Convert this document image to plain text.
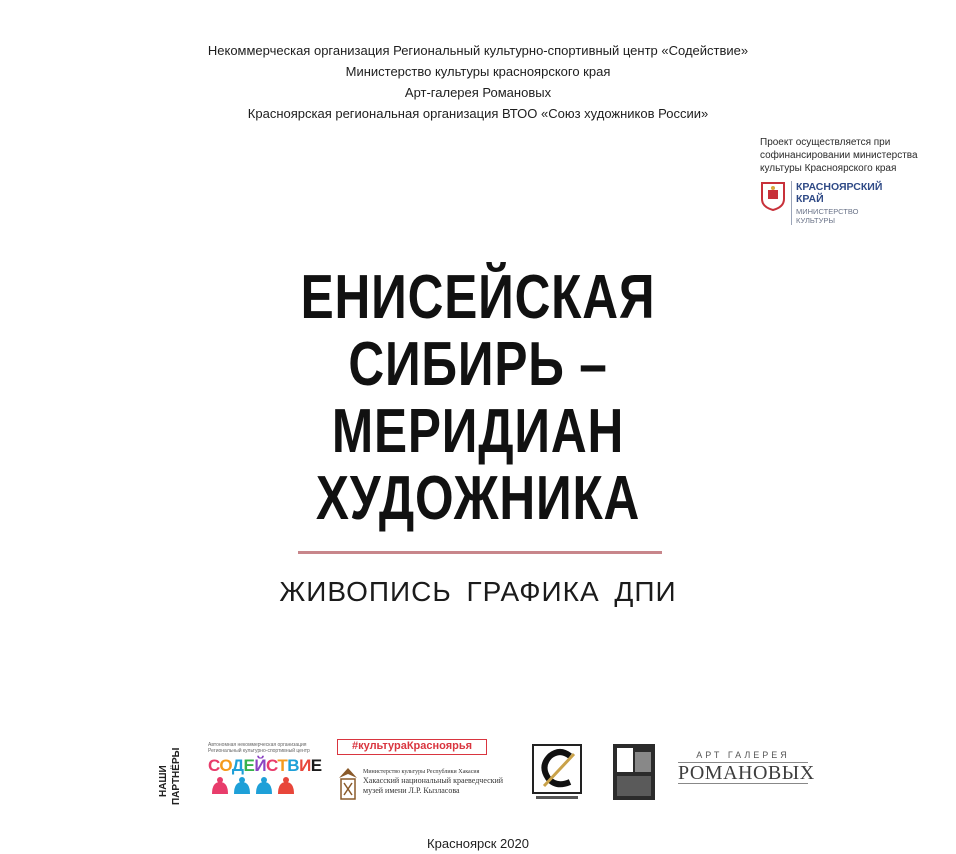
Некоммерческая организация Региональный культурно-спортивный центр «Содействие»
Министерство культуры красноярского края
Арт-галерея Романовых
Красноярская региональная организация ВТОО «Союз художников России»
Проект осуществляется при софинансировании министерства культуры Красноярского края
КРАСНОЯРСКИЙ КРАЙ
МИНИСТЕРСТВО КУЛЬТУРЫ
ЕНИСЕЙСКАЯ
СИБИРЬ –
МЕРИДИАН
ХУДОЖНИКА
ЖИВОПИСЬ ГРАФИКА ДПИ
НАШИ ПАРТНЁРЫ
Автономная некоммерческая организация Региональный культурно-спортивный центр
СОДЕЙСТВИЕ
#культураКрасноярья
Министерство культуры Республики Хакасия
Хакасский национальный краеведческий
музей имени Л.Р. Кызласова
АРТ ГАЛЕРЕЯ
РОМАНОВЫХ
Красноярск 2020
